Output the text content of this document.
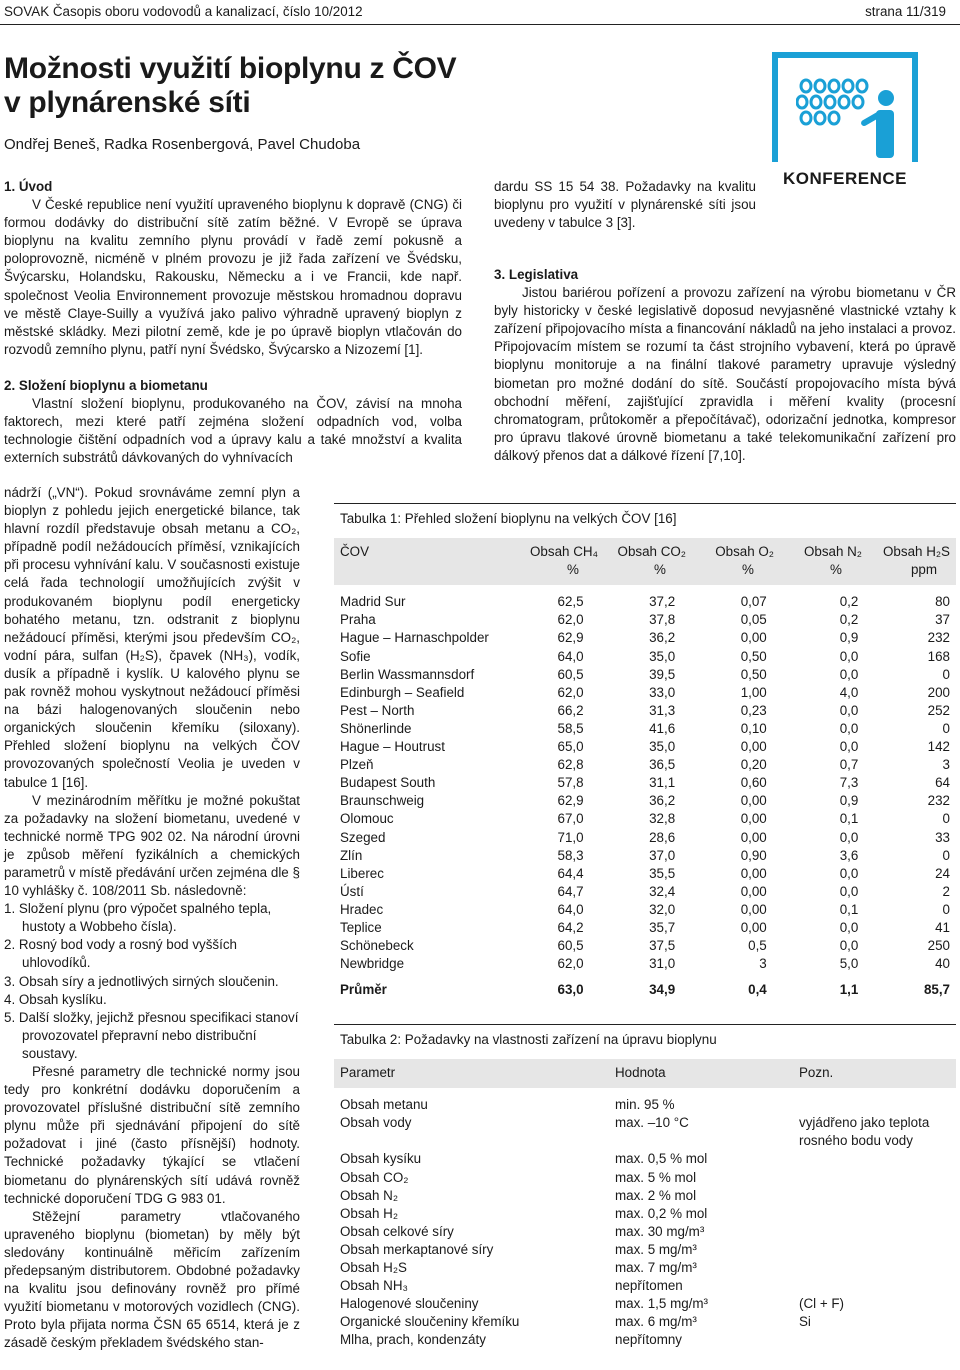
SOVAK Časopis oboru vodovodů a kanalizací, číslo 10/2012	strana 11/319
Možnosti využití bioplynu z ČOV
v plynárenské síti
Ondřej Beneš, Radka Rosenbergová, Pavel Chudoba
KONFERENCE
1. Úvod

V České republice není využití upraveného bioplynu k dopravě (CNG) či formou dodávky do distribuční sítě zatím běžné. V Evropě se úprava bioplynu na kvalitu zemního plynu provádí v řadě zemí pokusně a poloprovozně, nicméně v plném provozu je již řada zařízení ve Švédsku, Švýcarsku, Holandsku, Rakousku, Německu a i ve Francii, kde např. společnost Veolia Environnement provozuje městskou hromadnou dopravu ve městě Claye-Suilly a využívá jako palivo výhradně upravený bioplyn z městské skládky. Mezi pilotní země, kde je po úpravě bioplyn vtlačován do rozvodů zemního plynu, patří nyní Švédsko, Švýcarsko a Nizozemí [1].

2. Složení bioplynu a biometanu

Vlastní složení bioplynu, produkovaného na ČOV, závisí na mnoha faktorech, mezi které patří zejména složení odpadních vod, volba technologie čištění odpadních vod a úpravy kalu a také množství a kvalita externích substrátů dávkovaných do vyhnívacích

nádrží („VN“). Pokud srovnáváme zemní plyn a bioplyn z pohledu jejich energetické bilance, tak hlavní rozdíl představuje obsah metanu a CO₂, případně podíl nežádoucích příměsí, vznikajících při procesu vyhnívání kalu. V současnosti existuje celá řada technologií umožňujících zvýšit v produkovaném bioplynu podíl energeticky bohatého metanu, tzn. odstranit z bioplynu nežádoucí příměsi, kterými jsou především CO₂, vodní pára, sulfan (H₂S), čpavek (NH₃), vodík, dusík a případně i kyslík. U kalového plynu se pak rovněž mohou vyskytnout nežádoucí příměsi na bázi halogenovaných sloučenin nebo organických sloučenin křemíku (siloxany). Přehled složení bioplynu na velkých ČOV provozovaných společností Veolia je uveden v tabulce 1 [16].

V mezinárodním měřítku je možné pokuštat za požadavky na složení biometanu, uvedené v technické normě TPG 902 02. Na národní úrovni je způsob měření fyzikálních a chemických parametrů v místě předávání určen zejména dle § 10 vyhlášky č. 108/2011 Sb. následovně:

1. Složení plynu (pro výpočet spalného tepla, hustoty a Wobbeho čísla).
2. Rosný bod vody a rosný bod vyšších uhlovodíků.
3. Obsah síry a jednotlivých sirných sloučenin.
4. Obsah kyslíku.
5. Další složky, jejichž přesnou specifikaci stanoví provozovatel přepravní nebo distribuční soustavy.

Přesné parametry dle technické normy jsou tedy pro konkrétní dodávku doporučením a provozovatel příslušné distribuční sítě zemního plynu může při sjednávání připojení do sítě požadovat i jiné (často přísnější) hodnoty. Technické požadavky týkající se vtlačení biometanu do plynárenských sítí udává rovněž technické doporučení TDG G 983 01.

Stěžejní parametry vtlačovaného upraveného bioplynu (biometan) by měly být sledovány kontinuálně měřicím zařízením předepsaným distributorem. Obdobné požadavky na kvalitu jsou definovány rovněž pro přímé využití biometanu v motorových vozidlech (CNG). Proto byla přijata norma ČSN 65 6514, která je z zásadě českým překladem švédského stan-

dardu SS 15 54 38. Požadavky na kvalitu bioplynu pro využití v plynárenské síti jsou uvedeny v tabulce 3 [3].

3. Legislativa

Jistou bariérou pořízení a provozu zařízení na výrobu biometanu v ČR byly historicky v české legislativě doposud nevyjasněné vlastnické vztahy k zařízení připojovacího místa a financování nákladů na jeho instalaci a provoz. Připojovacím místem se rozumí ta část strojního vybavení, která po úpravě bioplynu monitoruje a na finální tlakové parametry upravuje výsledný biometan pro možné dodání do sítě. Součástí propojovacího místa bývá obchodní měření, zajišťující zpravidla i měření kvality (procesní chromatogram, průtokoměr a přepočítávač), odorizační jednotka, kompresor pro úpravu tlakové úrovně biometanu a také telekomunikační zařízení pro dálkový přenos dat a dálkové řízení [7,10].

Tabulka 1: Přehled složení bioplynu na velkých ČOV [16]
ČOV	Obsah CH₄	Obsah CO₂	Obsah O₂	Obsah N₂	Obsah H₂S
	%	%	%	%	ppm
Madrid Sur	62,5	37,2	0,07	0,2	80
Praha	62,0	37,8	0,05	0,2	37
Hague – Harnaschpolder	62,9	36,2	0,00	0,9	232
Sofie	64,0	35,0	0,50	0,0	168
Berlin Wassmannsdorf	60,5	39,5	0,50	0,0	0
Edinburgh – Seafield	62,0	33,0	1,00	4,0	200
Pest – North	66,2	31,3	0,23	0,0	252
Shönerlinde	58,5	41,6	0,10	0,0	0
Hague – Houtrust	65,0	35,0	0,00	0,0	142
Plzeň	62,8	36,5	0,20	0,7	3
Budapest South	57,8	31,1	0,60	7,3	64
Braunschweig	62,9	36,2	0,00	0,9	232
Olomouc	67,0	32,8	0,00	0,1	0
Szeged	71,0	28,6	0,00	0,0	33
Zlín	58,3	37,0	0,90	3,6	0
Liberec	64,4	35,5	0,00	0,0	24
Ústí	64,7	32,4	0,00	0,0	2
Hradec	64,0	32,0	0,00	0,1	0
Teplice	64,2	35,7	0,00	0,0	41
Schönebeck	60,5	37,5	0,5	0,0	250
Newbridge	62,0	31,0	3	5,0	40
Průměr	63,0	34,9	0,4	1,1	85,7
Tabulka 2: Požadavky na vlastnosti zařízení na úpravu bioplynu
Parametr	Hodnota	Pozn.
Obsah metanu	min. 95 %	
Obsah vody	max. –10 °C	vyjádřeno jako teplota rosného bodu vody
Obsah kysíku	max. 0,5 % mol	
Obsah CO₂	max. 5 % mol	
Obsah N₂	max. 2 % mol	
Obsah H₂	max. 0,2 % mol	
Obsah celkové síry	max. 30 mg/m³	
Obsah merkaptanové síry	max. 5 mg/m³	
Obsah H₂S	max. 7 mg/m³	
Obsah NH₃	nepřítomen	
Halogenové sloučeniny	max. 1,5 mg/m³	(Cl + F)
Organické sloučeniny křemíku	max. 6 mg/m³	Si
Mlha, prach, kondenzáty	nepřítomny	
